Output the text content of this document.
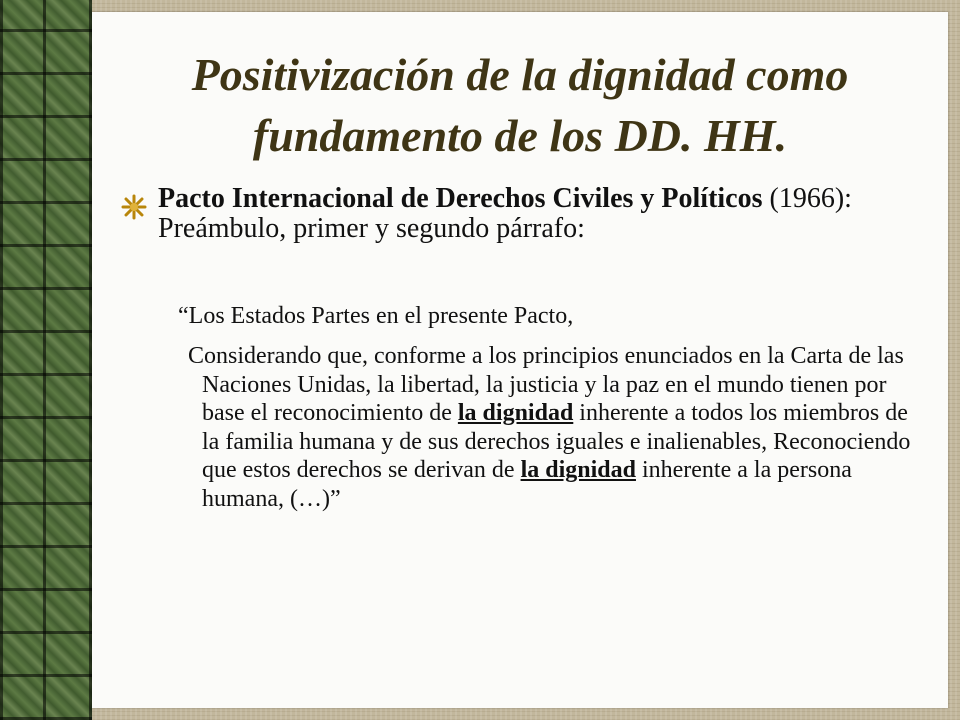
Positivización de la dignidad como
fundamento de los DD. HH.

Pacto Internacional de Derechos Civiles y Políticos (1966): Preámbulo, primer y segundo párrafo:

“Los Estados Partes en el presente Pacto,

Considerando que, conforme a los principios enunciados en la Carta de las Naciones Unidas, la libertad, la justicia y la paz en el mundo tienen por base el reconocimiento de la dignidad inherente a todos los miembros de la familia humana y de sus derechos iguales e inalienables, Reconociendo que estos derechos se derivan de la dignidad inherente a la persona humana, (…)”
